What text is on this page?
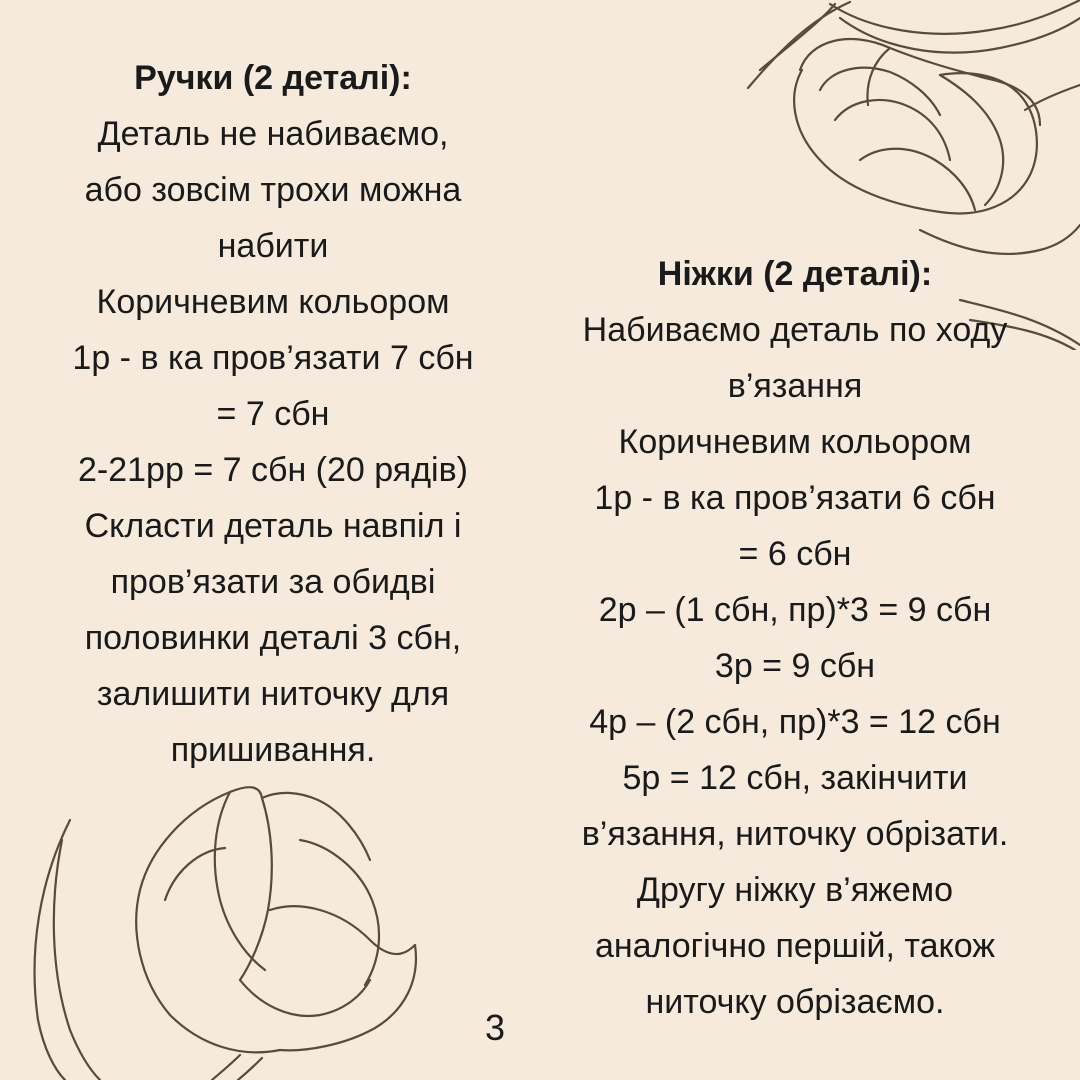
Ручки (2 деталі):
Деталь не набиваємо,
або зовсім трохи можна
набити
Коричневим кольором
1р - в ка пров’язати 7 сбн
= 7 сбн
2-21рр = 7 сбн (20 рядів)
Скласти деталь навпіл і
пров’язати за обидві
половинки деталі 3 сбн,
залишити ниточку для
пришивання.
Ніжки (2 деталі):
Набиваємо деталь по ходу
в’язання
Коричневим кольором
1р - в ка пров’язати 6 сбн
= 6 сбн
2р – (1 сбн, пр)*3 = 9 сбн
3р = 9 сбн
4р – (2 сбн, пр)*3 = 12 сбн
5р = 12 сбн, закінчити
в’язання, ниточку обрізати.
Другу ніжку в’яжемо
аналогічно першій, також
ниточку обрізаємо.
3
